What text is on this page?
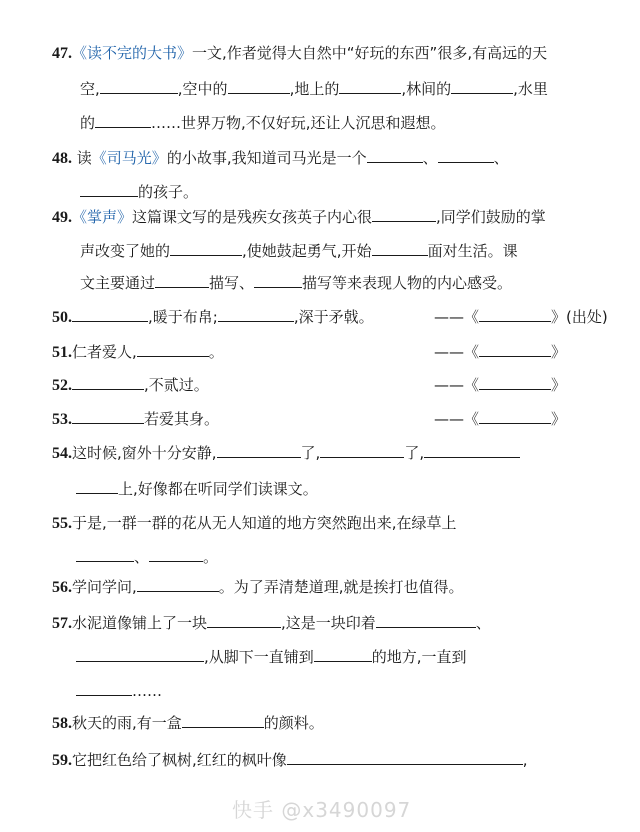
47.《读不完的大书》一文,作者觉得大自然中“好玩的东西”很多,有高远的天
空,	,空中的	,地上的	,林间的	,水里
的	……世界万物,不仅好玩,还让人沉思和遐想。
48. 读《司马光》的小故事,我知道司马光是一个	、	、
的孩子。
49.《掌声》这篇课文写的是残疾女孩英子内心很	,同学们鼓励的掌
声改变了她的	,使她鼓起勇气,开始	面对生活。课
文主要通过	描写、	描写等来表现人物的内心感受。
50.	,暖于布帛;	,深于矛戟。	——《	》(出处)
51.仁者爱人,	。	——《	》
52.	,不贰过。	——《	》
53.	若爱其身。	——《	》
54.这时候,窗外十分安静,	了,	了,
上,好像都在听同学们读课文。
55.于是,一群一群的花从无人知道的地方突然跑出来,在绿草上
、	。
56.学问学问,	。为了弄清楚道理,就是挨打也值得。
57.水泥道像铺上了一块	,这是一块印着	、
,从脚下一直铺到	的地方,一直到
……
58.秋天的雨,有一盒	的颜料。
59.它把红色给了枫树,红红的枫叶像	,
快手 @x3490097
